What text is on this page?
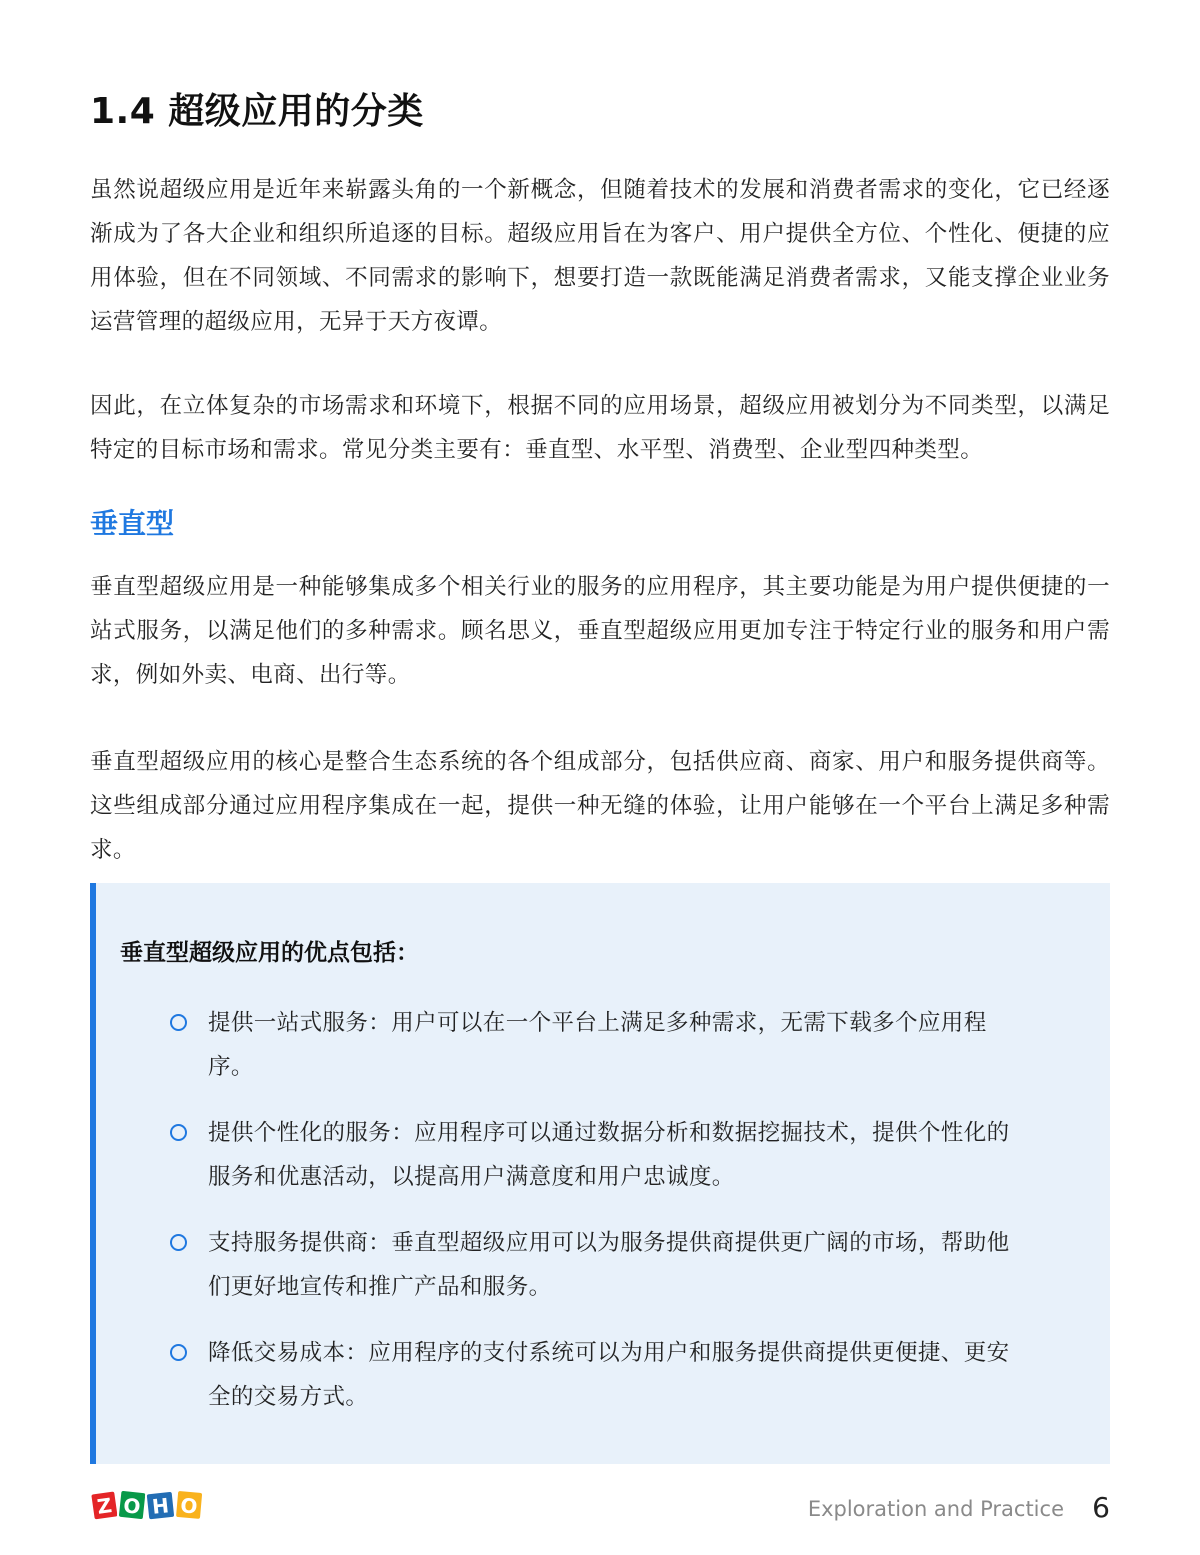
1.4 超级应用的分类

虽然说超级应用是近年来崭露头角的一个新概念，但随着技术的发展和消费者需求的变化，它已经逐渐成为了各大企业和组织所追逐的目标。超级应用旨在为客户、用户提供全方位、个性化、便捷的应用体验，但在不同领域、不同需求的影响下，想要打造一款既能满足消费者需求，又能支撑企业业务运营管理的超级应用，无异于天方夜谭。

因此，在立体复杂的市场需求和环境下，根据不同的应用场景，超级应用被划分为不同类型，以满足特定的目标市场和需求。常见分类主要有：垂直型、水平型、消费型、企业型四种类型。

垂直型

垂直型超级应用是一种能够集成多个相关行业的服务的应用程序，其主要功能是为用户提供便捷的一站式服务，以满足他们的多种需求。顾名思义，垂直型超级应用更加专注于特定行业的服务和用户需求，例如外卖、电商、出行等。

垂直型超级应用的核心是整合生态系统的各个组成部分，包括供应商、商家、用户和服务提供商等。这些组成部分通过应用程序集成在一起，提供一种无缝的体验，让用户能够在一个平台上满足多种需求。

垂直型超级应用的优点包括：
提供一站式服务：用户可以在一个平台上满足多种需求，无需下载多个应用程序。
提供个性化的服务：应用程序可以通过数据分析和数据挖掘技术，提供个性化的服务和优惠活动，以提高用户满意度和用户忠诚度。
支持服务提供商：垂直型超级应用可以为服务提供商提供更广阔的市场，帮助他们更好地宣传和推广产品和服务。
降低交易成本：应用程序的支付系统可以为用户和服务提供商提供更便捷、更安全的交易方式。
Z O H O	Exploration and Practice 6
